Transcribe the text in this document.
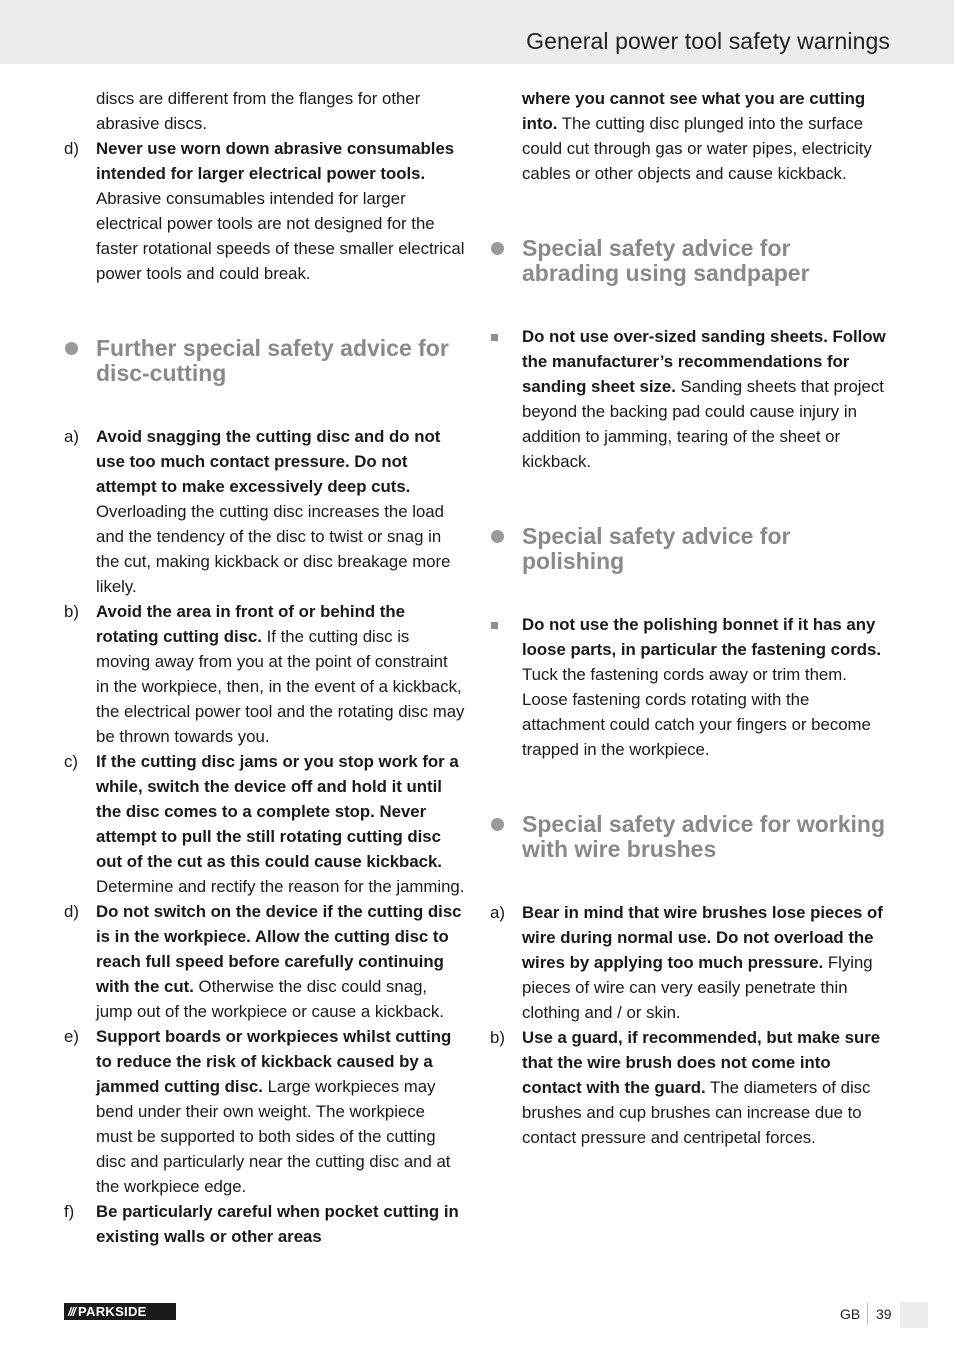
General power tool safety warnings

discs are different from the flanges for other abrasive discs.

d) Never use worn down abrasive consumables intended for larger electrical power tools. Abrasive consumables intended for larger electrical power tools are not designed for the faster rotational speeds of these smaller electrical power tools and could break.
Further special safety advice for disc-cutting
a) Avoid snagging the cutting disc and do not use too much contact pressure. Do not attempt to make excessively deep cuts. Overloading the cutting disc increases the load and the tendency of the disc to twist or snag in the cut, making kickback or disc breakage more likely.
b) Avoid the area in front of or behind the rotating cutting disc. If the cutting disc is moving away from you at the point of constraint in the workpiece, then, in the event of a kickback, the electrical power tool and the rotating disc may be thrown towards you.
c) If the cutting disc jams or you stop work for a while, switch the device off and hold it until the disc comes to a complete stop. Never attempt to pull the still rotating cutting disc out of the cut as this could cause kickback. Determine and rectify the reason for the jamming.
d) Do not switch on the device if the cutting disc is in the workpiece. Allow the cutting disc to reach full speed before carefully continuing with the cut. Otherwise the disc could snag, jump out of the workpiece or cause a kickback.
e) Support boards or workpieces whilst cutting to reduce the risk of kickback caused by a jammed cutting disc. Large workpieces may bend under their own weight. The workpiece must be supported to both sides of the cutting disc and particularly near the cutting disc and at the workpiece edge.
f) Be particularly careful when pocket cutting in existing walls or other areas

where you cannot see what you are cutting into. The cutting disc plunged into the surface could cut through gas or water pipes, electricity cables or other objects and cause kickback.

Special safety advice for abrading using sandpaper
Do not use over-sized sanding sheets. Follow the manufacturer’s recommendations for sanding sheet size. Sanding sheets that project beyond the backing pad could cause injury in addition to jamming, tearing of the sheet or kickback.
Special safety advice for polishing
Do not use the polishing bonnet if it has any loose parts, in particular the fastening cords. Tuck the fastening cords away or trim them. Loose fastening cords rotating with the attachment could catch your fingers or become trapped in the workpiece.
Special safety advice for working with wire brushes
a) Bear in mind that wire brushes lose pieces of wire during normal use. Do not overload the wires by applying too much pressure. Flying pieces of wire can very easily penetrate thin clothing and / or skin.
b) Use a guard, if recommended, but make sure that the wire brush does not come into contact with the guard. The diameters of disc brushes and cup brushes can increase due to contact pressure and centripetal forces.
/// PARKSIDE	GB 39
